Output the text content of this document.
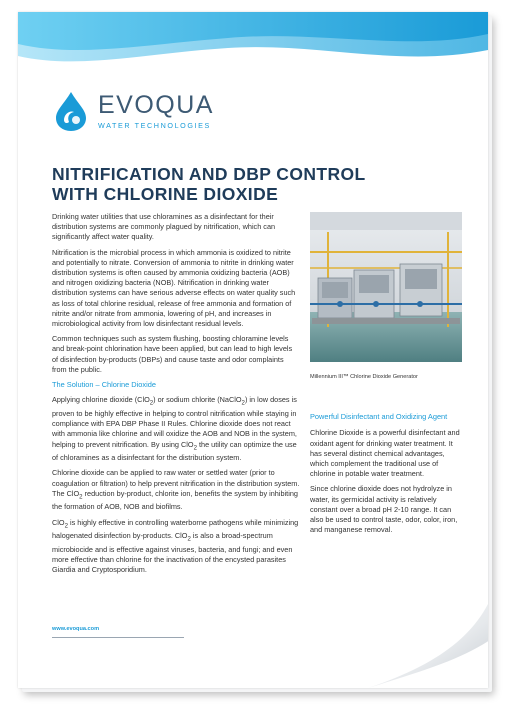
EVOQUA
WATER TECHNOLOGIES
NITRIFICATION AND DBP CONTROL
WITH CHLORINE DIOXIDE

Drinking water utilities that use chloramines as a disinfectant for their distribution systems are commonly plagued by nitrification, which can significantly affect water quality.

Nitrification is the microbial process in which ammonia is oxidized to nitrite and potentially to nitrate. Conversion of ammonia to nitrite in drinking water distribution systems is often caused by ammonia oxidizing bacteria (AOB) and nitrogen oxidizing bacteria (NOB). Nitrification in drinking water distribution systems can have serious adverse effects on water quality such as loss of total chlorine residual, release of free ammonia and formation of nitrite and/or nitrate from ammonia, lowering of pH, and increases in microbiological activity from low disinfectant residual levels.

Common techniques such as system flushing, boosting chloramine levels and break-point chlorination have been applied, but can lead to high levels of disinfection by-products (DBPs) and cause taste and odor complaints from the public.

The Solution – Chlorine Dioxide

Applying chlorine dioxide (ClO$_2$) or sodium chlorite (NaClO$_2$) in low doses is proven to be highly effective in helping to control nitrification while staying in compliance with EPA DBP Phase II Rules. Chlorine dioxide does not react with ammonia like chlorine and will oxidize the AOB and NOB in the system, helping to prevent nitrification. By using ClO$_2$ the utility can optimize the use of chloramines as a disinfectant for the distribution system.

Chlorine dioxide can be applied to raw water or settled water (prior to coagulation or filtration) to help prevent nitrification in the distribution system. The ClO$_2$ reduction by-product, chlorite ion, benefits the system by inhibiting the formation of AOB, NOB and biofilms.

ClO$_2$ is highly effective in controlling waterborne pathogens while minimizing halogenated disinfection by-products. ClO$_2$ is also a broad-spectrum microbiocide and is effective against viruses, bacteria, and fungi; and even more effective than chlorine for the inactivation of the encysted parasites Giardia and Cryptosporidium.

Millennium III™ Chlorine Dioxide Generator
Powerful Disinfectant and Oxidizing Agent

Chlorine Dioxide is a powerful disinfectant and oxidant agent for drinking water treatment. It has several distinct chemical advantages, which complement the traditional use of chlorine in potable water treatment.

Since chlorine dioxide does not hydrolyze in water, its germicidal activity is relatively constant over a broad pH 2-10 range. It can also be used to control taste, odor, color, iron, and manganese removal.

www.evoqua.com
